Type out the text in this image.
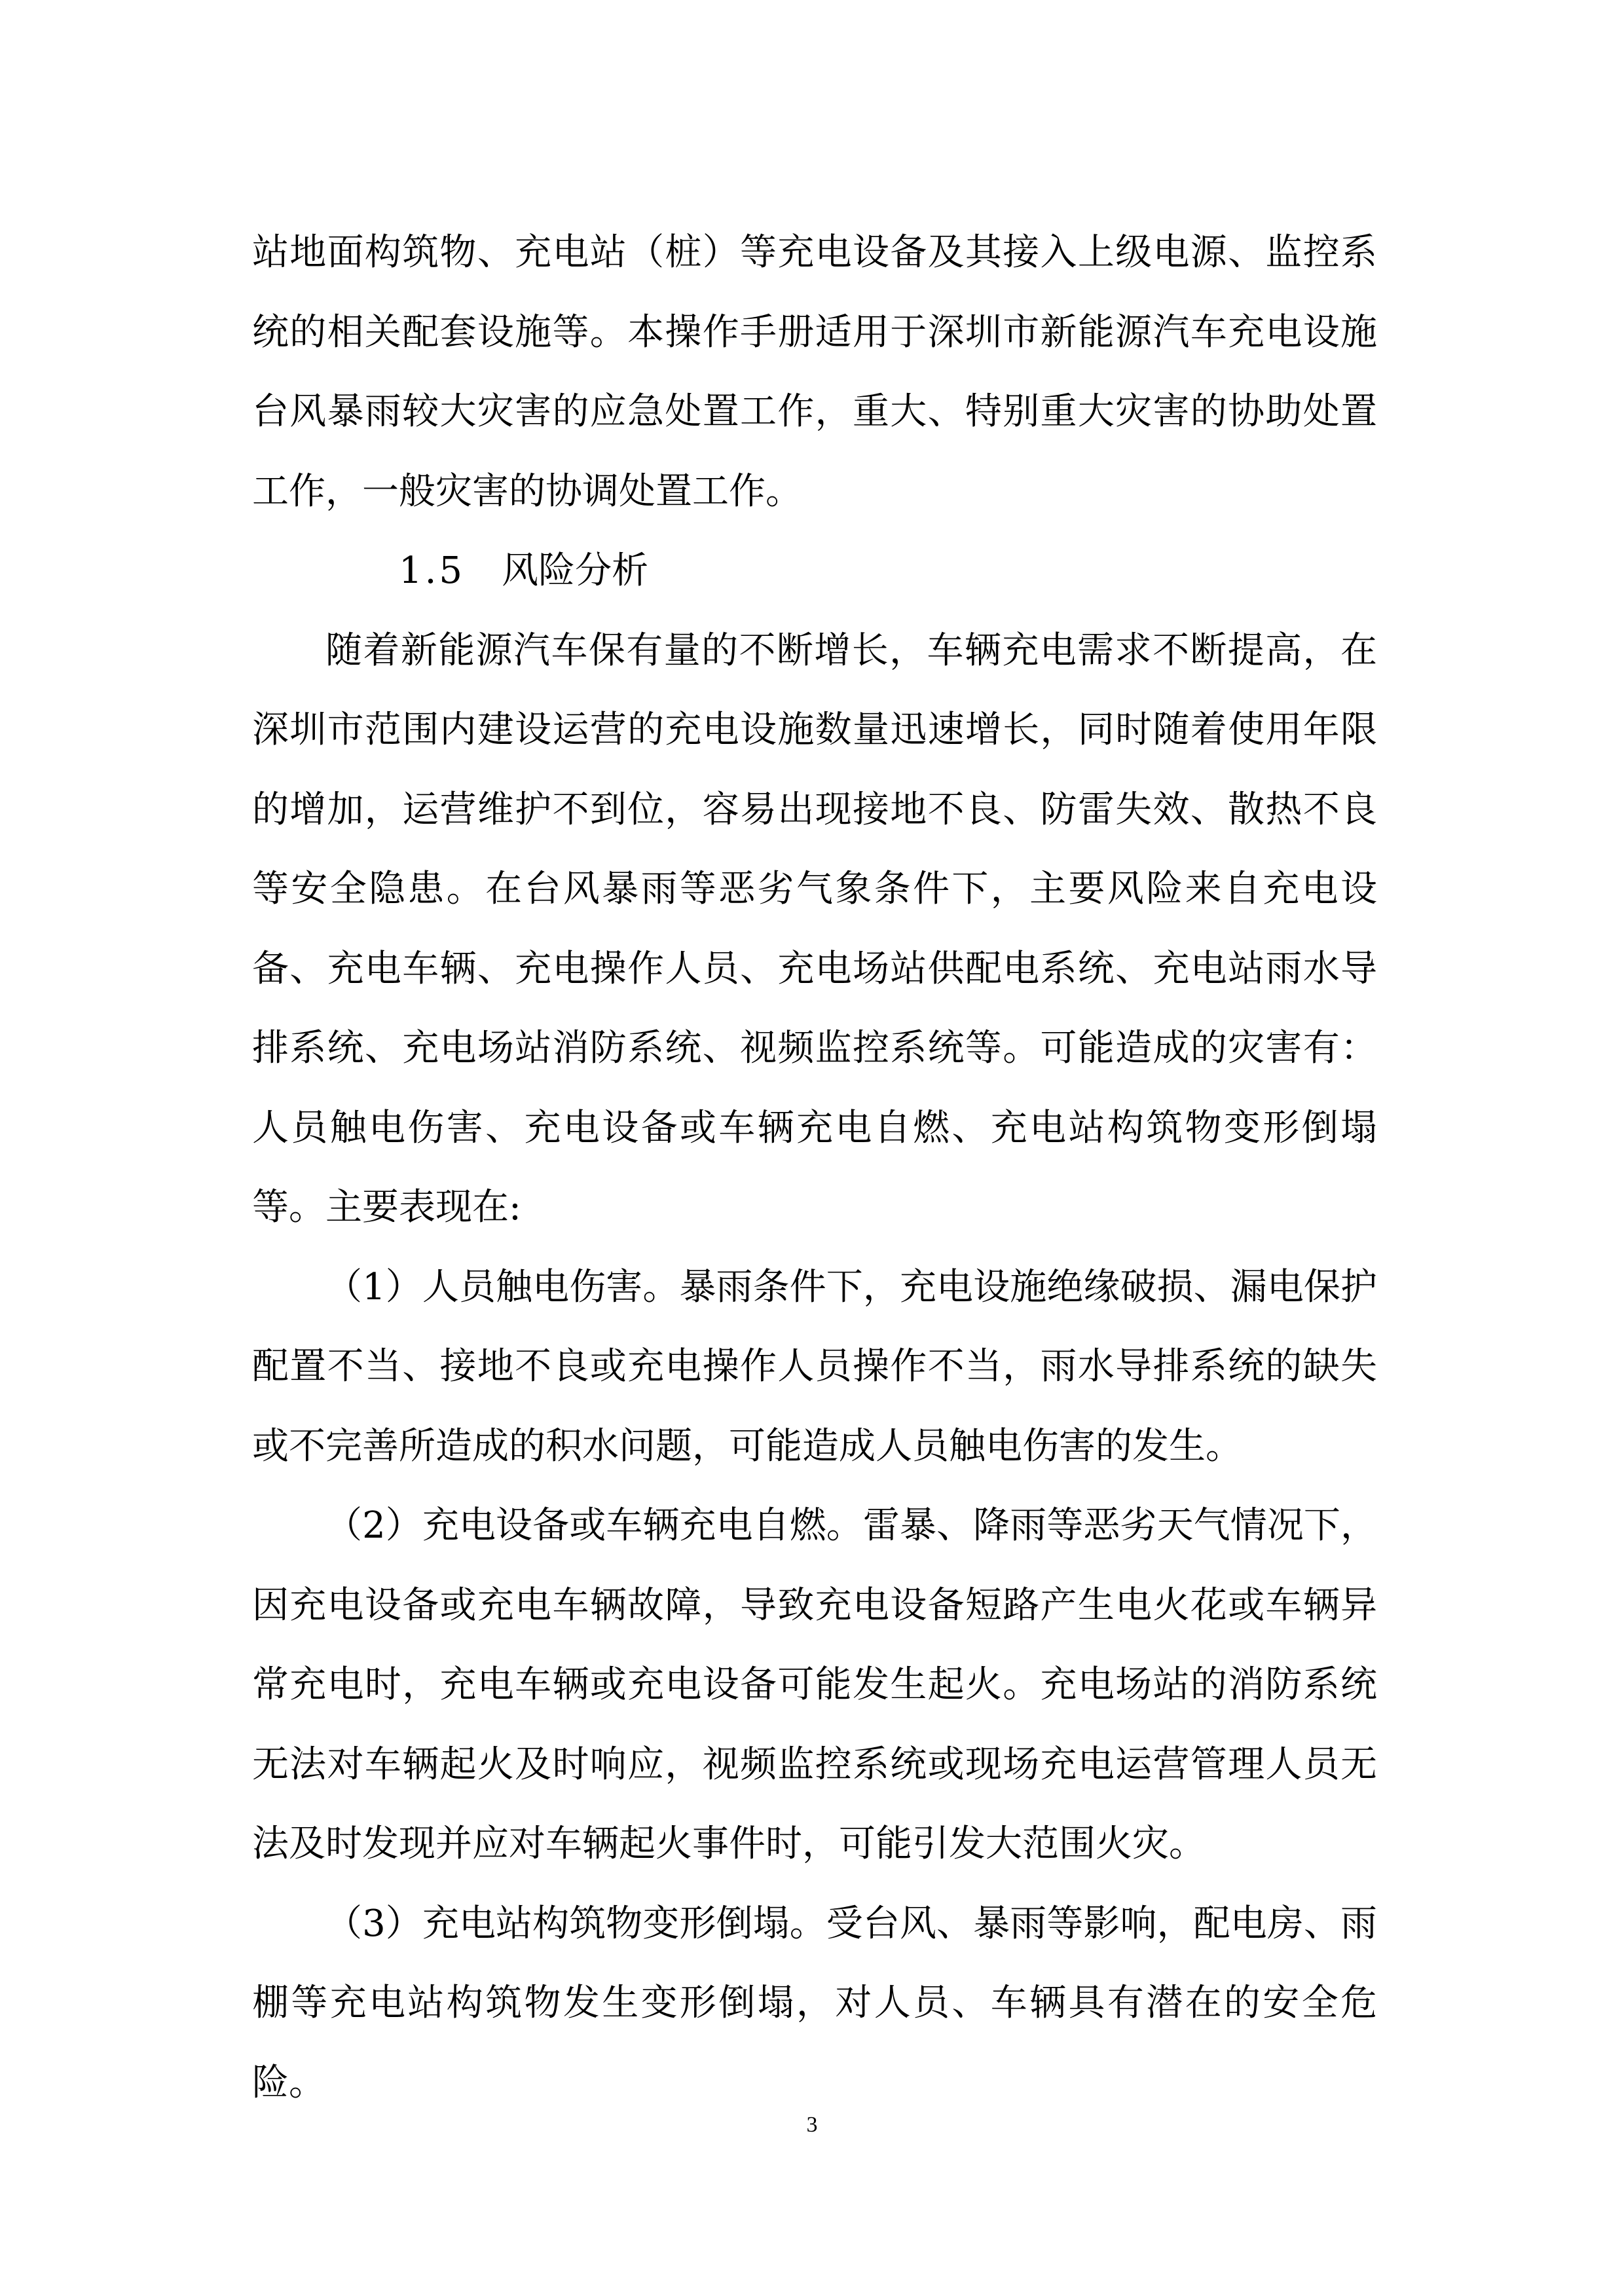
站地面构筑物、充电站（桩）等充电设备及其接入上级电源、监控系统的相关配套设施等。本操作手册适用于深圳市新能源汽车充电设施台风暴雨较大灾害的应急处置工作，重大、特别重大灾害的协助处置工作，一般灾害的协调处置工作。

1.5 风险分析

随着新能源汽车保有量的不断增长，车辆充电需求不断提高，在深圳市范围内建设运营的充电设施数量迅速增长，同时随着使用年限的增加，运营维护不到位，容易出现接地不良、防雷失效、散热不良等安全隐患。在台风暴雨等恶劣气象条件下，主要风险来自充电设备、充电车辆、充电操作人员、充电场站供配电系统、充电站雨水导排系统、充电场站消防系统、视频监控系统等。可能造成的灾害有：人员触电伤害、充电设备或车辆充电自燃、充电站构筑物变形倒塌等。主要表现在:

（1）人员触电伤害。暴雨条件下，充电设施绝缘破损、漏电保护配置不当、接地不良或充电操作人员操作不当，雨水导排系统的缺失或不完善所造成的积水问题，可能造成人员触电伤害的发生。

（2）充电设备或车辆充电自燃。雷暴、降雨等恶劣天气情况下，因充电设备或充电车辆故障，导致充电设备短路产生电火花或车辆异常充电时，充电车辆或充电设备可能发生起火。充电场站的消防系统无法对车辆起火及时响应，视频监控系统或现场充电运营管理人员无法及时发现并应对车辆起火事件时，可能引发大范围火灾。

（3）充电站构筑物变形倒塌。受台风、暴雨等影响，配电房、雨棚等充电站构筑物发生变形倒塌，对人员、车辆具有潜在的安全危险。

3
